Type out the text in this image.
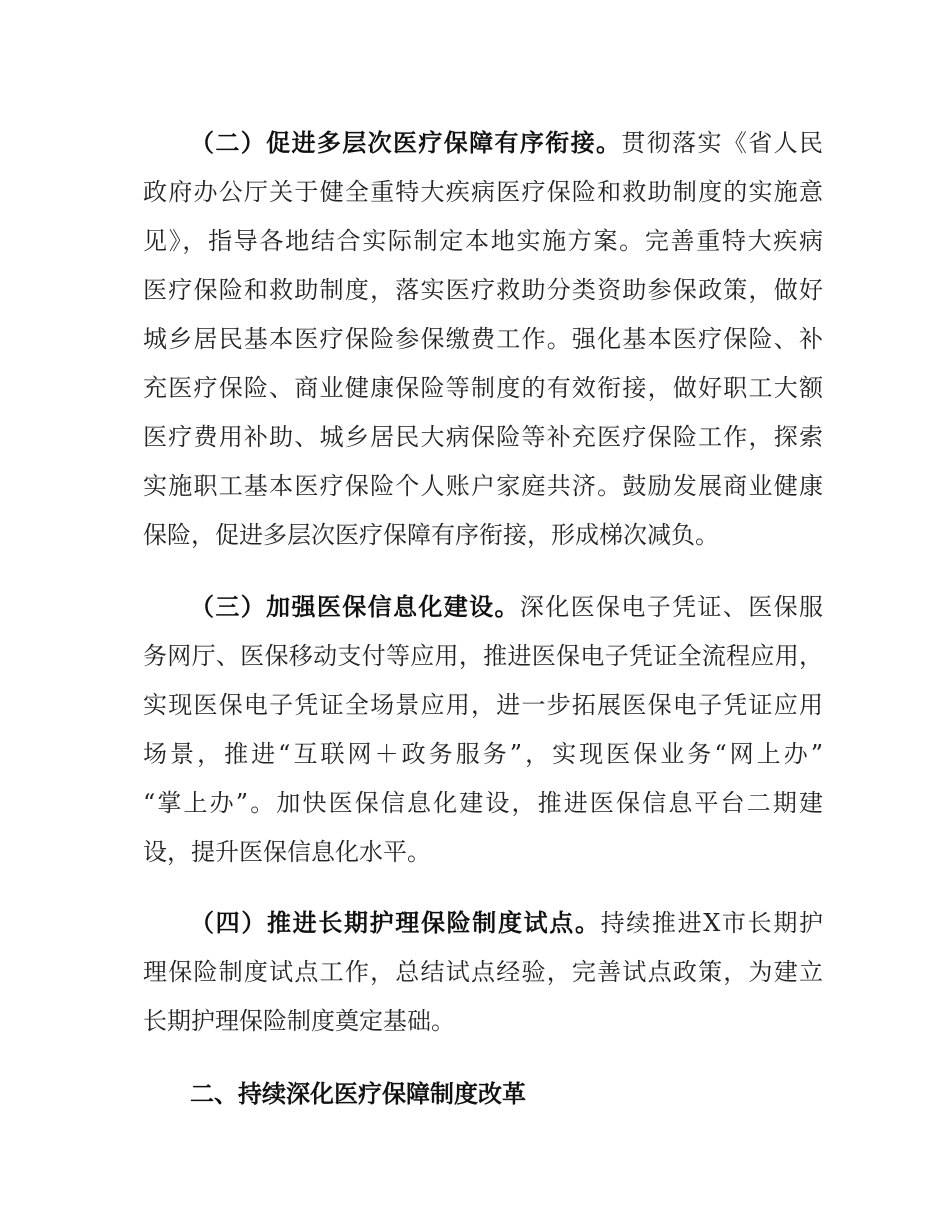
（二）促进多层次医疗保障有序衔接。贯彻落实《省人民

政府办公厅关于健全重特大疾病医疗保险和救助制度的实施意

见》，指导各地结合实际制定本地实施方案。完善重特大疾病

医疗保险和救助制度，落实医疗救助分类资助参保政策，做好

城乡居民基本医疗保险参保缴费工作。强化基本医疗保险、补

充医疗保险、商业健康保险等制度的有效衔接，做好职工大额

医疗费用补助、城乡居民大病保险等补充医疗保险工作，探索

实施职工基本医疗保险个人账户家庭共济。鼓励发展商业健康

保险，促进多层次医疗保障有序衔接，形成梯次减负。

（三）加强医保信息化建设。深化医保电子凭证、医保服

务网厅、医保移动支付等应用，推进医保电子凭证全流程应用，

实现医保电子凭证全场景应用，进一步拓展医保电子凭证应用

场景，推进“互联网＋政务服务”，实现医保业务“网上办”

“掌上办”。加快医保信息化建设，推进医保信息平台二期建

设，提升医保信息化水平。

（四）推进长期护理保险制度试点。持续推进X市长期护

理保险制度试点工作，总结试点经验，完善试点政策，为建立

长期护理保险制度奠定基础。

二、持续深化医疗保障制度改革
